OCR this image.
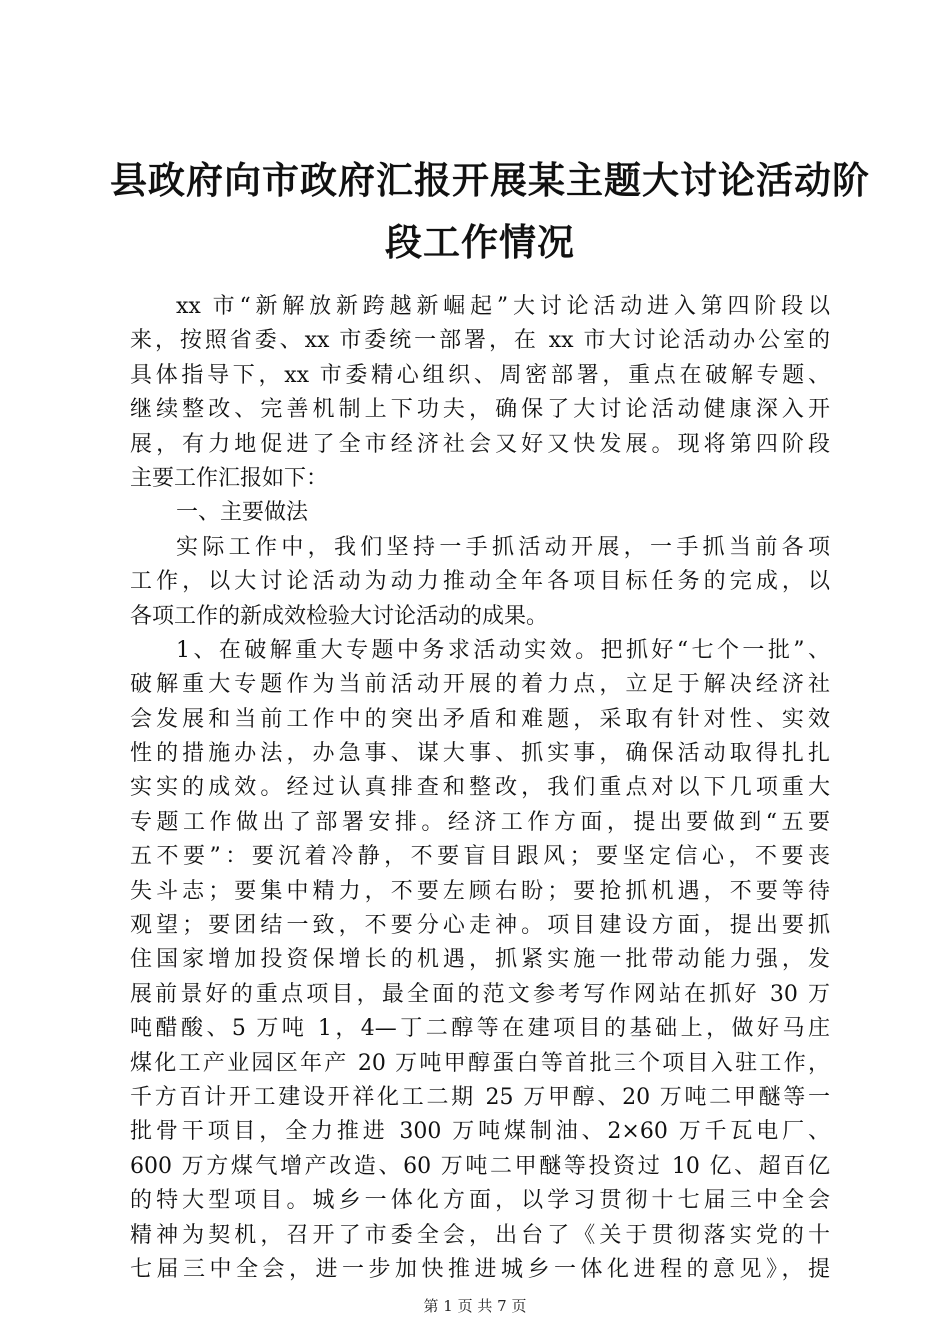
县政府向市政府汇报开展某主题大讨论活动阶
段工作情况
xx 市“新解放新跨越新崛起”大讨论活动进入第四阶段以
来，按照省委、xx 市委统一部署，在 xx 市大讨论活动办公室的
具体指导下，xx 市委精心组织、周密部署，重点在破解专题、
继续整改、完善机制上下功夫，确保了大讨论活动健康深入开
展，有力地促进了全市经济社会又好又快发展。现将第四阶段
主要工作汇报如下：
一、主要做法
实际工作中，我们坚持一手抓活动开展，一手抓当前各项
工作，以大讨论活动为动力推动全年各项目标任务的完成，以
各项工作的新成效检验大讨论活动的成果。
1、在破解重大专题中务求活动实效。把抓好“七个一批”、
破解重大专题作为当前活动开展的着力点，立足于解决经济社
会发展和当前工作中的突出矛盾和难题，采取有针对性、实效
性的措施办法，办急事、谋大事、抓实事，确保活动取得扎扎
实实的成效。经过认真排查和整改，我们重点对以下几项重大
专题工作做出了部署安排。经济工作方面，提出要做到“五要
五不要”：要沉着冷静，不要盲目跟风；要坚定信心，不要丧
失斗志；要集中精力，不要左顾右盼；要抢抓机遇，不要等待
观望；要团结一致，不要分心走神。项目建设方面，提出要抓
住国家增加投资保增长的机遇，抓紧实施一批带动能力强，发
展前景好的重点项目，最全面的范文参考写作网站在抓好 30 万
吨醋酸、5 万吨 1，4—丁二醇等在建项目的基础上，做好马庄
煤化工产业园区年产 20 万吨甲醇蛋白等首批三个项目入驻工作，
千方百计开工建设开祥化工二期 25 万甲醇、20 万吨二甲醚等一
批骨干项目，全力推进 300 万吨煤制油、2×60 万千瓦电厂、
600 万方煤气增产改造、60 万吨二甲醚等投资过 10 亿、超百亿
的特大型项目。城乡一体化方面，以学习贯彻十七届三中全会
精神为契机，召开了市委全会，出台了《关于贯彻落实党的十
七届三中全会，进一步加快推进城乡一体化进程的意见》，提
第 1 页 共 7 页
